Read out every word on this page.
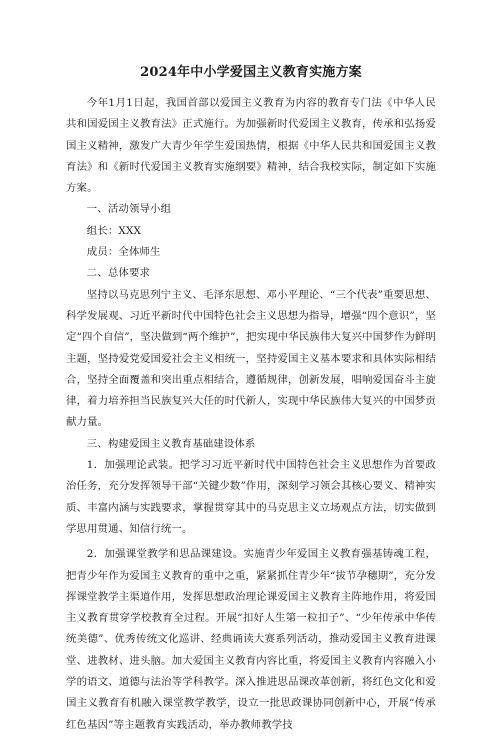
2024年中小学爱国主义教育实施方案

今年1月1日起，我国首部以爱国主义教育为内容的教育专门法《中华人民共和国爱国主义教育法》正式施行。为加强新时代爱国主义教育，传承和弘扬爱国主义精神，激发广大青少年学生爱国热情，根据《中华人民共和国爱国主义教育法》和《新时代爱国主义教育实施纲要》精神，结合我校实际，制定如下实施方案。

一、活动领导小组

组长：XXX

成员：全体师生

二、总体要求

坚持以马克思列宁主义、毛泽东思想、邓小平理论、“三个代表”重要思想、科学发展观、习近平新时代中国特色社会主义思想为指导，增强“四个意识”，坚定“四个自信”，坚决做到“两个维护”，把实现中华民族伟大复兴中国梦作为鲜明主题，坚持爱党爱国爱社会主义相统一，坚持爱国主义基本要求和具体实际相结合，坚持全面覆盖和突出重点相结合，遵循规律，创新发展，唱响爱国奋斗主旋律，着力培养担当民族复兴大任的时代新人，实现中华民族伟大复兴的中国梦贡献力量。

三、构建爱国主义教育基础建设体系

1．加强理论武装。把学习习近平新时代中国特色社会主义思想作为首要政治任务，充分发挥领导干部“关键少数”作用，深刻学习领会其核心要义、精神实质、丰富内涵与实践要求，掌握贯穿其中的马克思主义立场观点方法，切实做到学思用贯通、知信行统一。

2．加强课堂教学和思品课建设。实施青少年爱国主义教育强基铸魂工程，把青少年作为爱国主义教育的重中之重，紧紧抓住青少年“拔节孕穗期”，充分发挥课堂教学主渠道作用，发挥思想政治理论课爱国主义教育主阵地作用，将爱国主义教育贯穿学校教育全过程。开展“扣好人生第一粒扣子”、“少年传承中华传统美德”、优秀传统文化巡讲、经典诵读大赛系列活动，推动爱国主义教育进课堂、进教材、进头脑。加大爱国主义教育内容比重，将爱国主义教育内容融入小学的语文、道德与法治等学科教学。深入推进思品课改革创新，将红色文化和爱国主义教育有机融入课堂教学教学，设立一批思政课协同创新中心，开展“传承红色基因”等主题教育实践活动，举办教师教学技
